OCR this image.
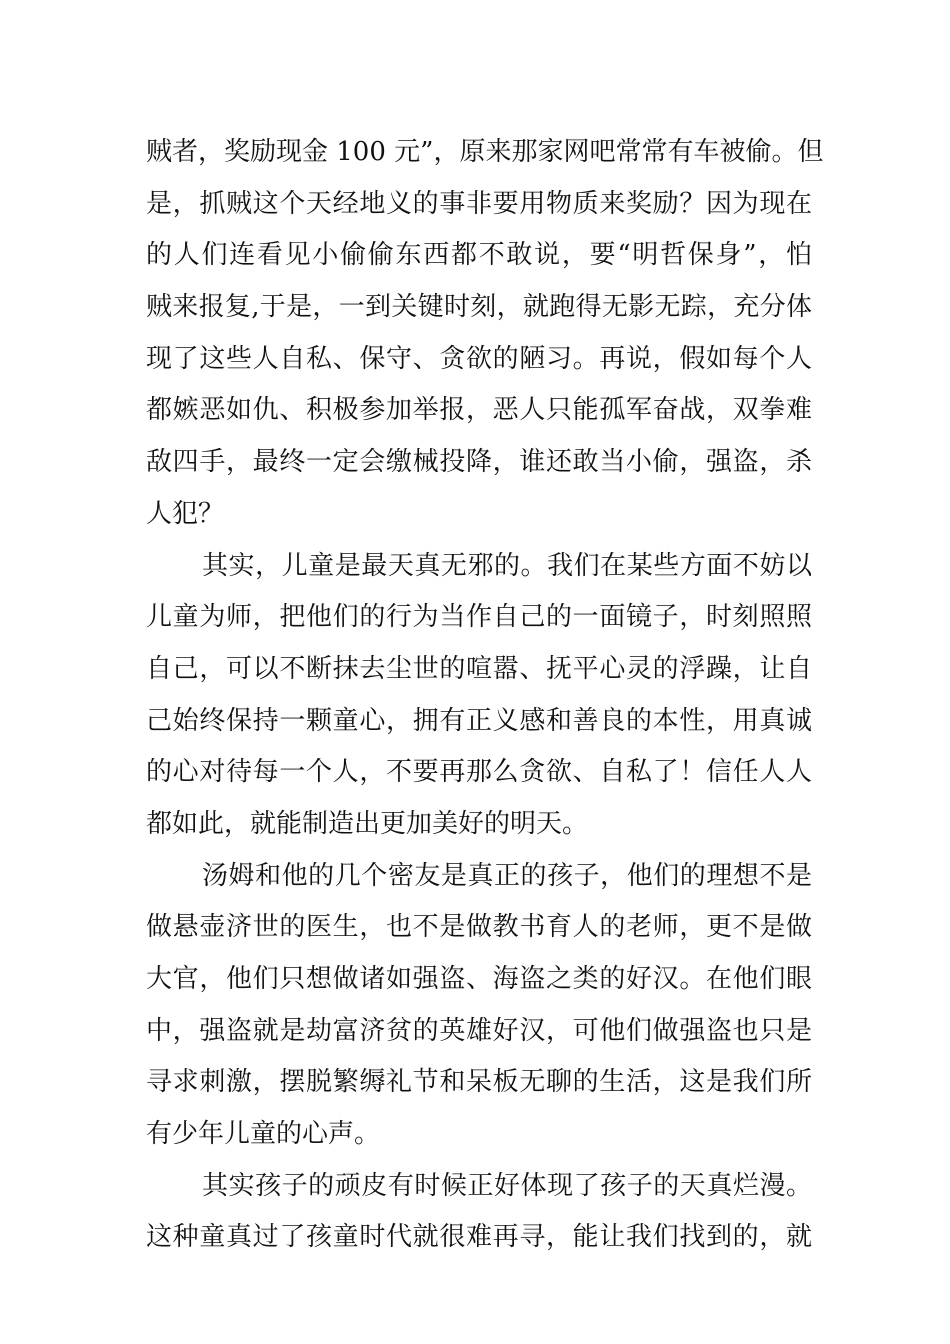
贼者，奖励现金 100 元”，原来那家网吧常常有车被偷。但
是，抓贼这个天经地义的事非要用物质来奖励？因为现在
的人们连看见小偷偷东西都不敢说，要“明哲保身”，怕
贼来报复,于是，一到关键时刻，就跑得无影无踪，充分体
现了这些人自私、保守、贪欲的陋习。再说，假如每个人
都嫉恶如仇、积极参加举报，恶人只能孤军奋战，双拳难
敌四手，最终一定会缴械投降，谁还敢当小偷，强盗，杀
人犯？
其实，儿童是最天真无邪的。我们在某些方面不妨以
儿童为师，把他们的行为当作自己的一面镜子，时刻照照
自己，可以不断抹去尘世的喧嚣、抚平心灵的浮躁，让自
己始终保持一颗童心，拥有正义感和善良的本性，用真诚
的心对待每一个人，不要再那么贪欲、自私了！信任人人
都如此，就能制造出更加美好的明天。
汤姆和他的几个密友是真正的孩子，他们的理想不是
做悬壶济世的医生，也不是做教书育人的老师，更不是做
大官，他们只想做诸如强盗、海盗之类的好汉。在他们眼
中，强盗就是劫富济贫的英雄好汉，可他们做强盗也只是
寻求刺激，摆脱繁缛礼节和呆板无聊的生活，这是我们所
有少年儿童的心声。
其实孩子的顽皮有时候正好体现了孩子的天真烂漫。
这种童真过了孩童时代就很难再寻，能让我们找到的，就
